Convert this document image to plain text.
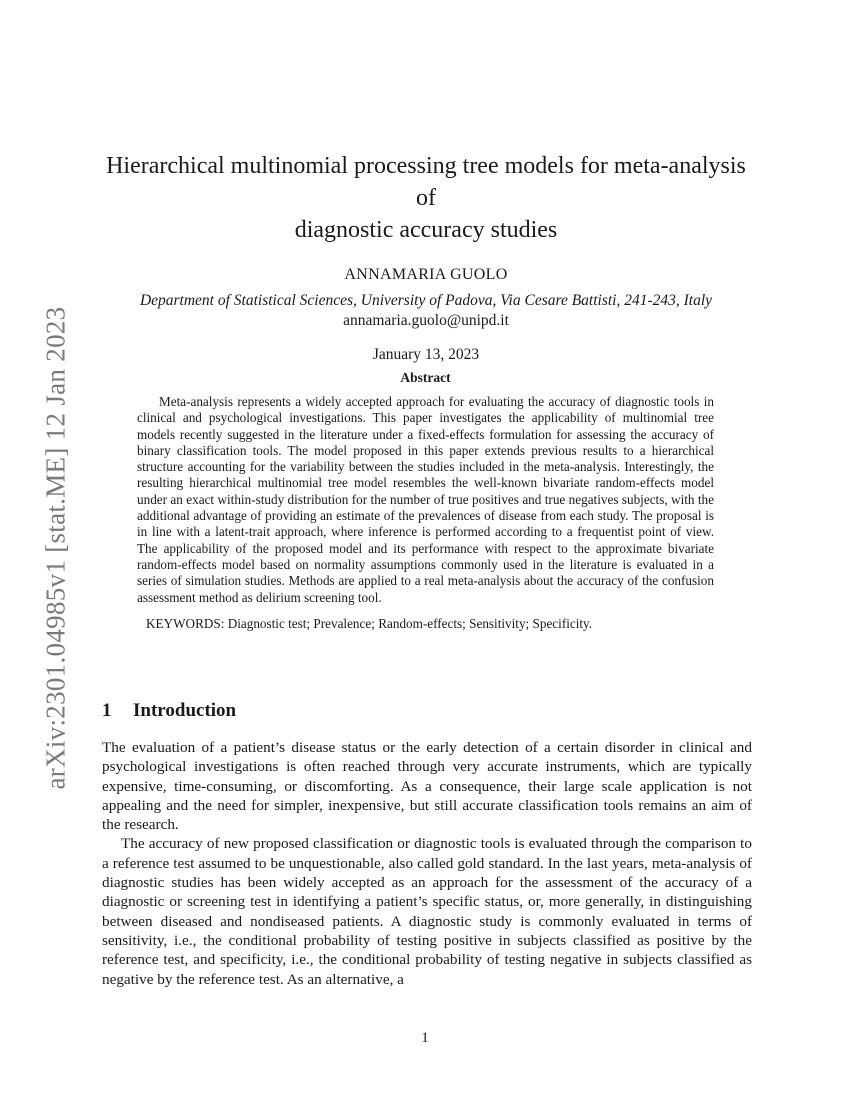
arXiv:2301.04985v1 [stat.ME] 12 Jan 2023
Hierarchical multinomial processing tree models for meta-analysis of
diagnostic accuracy studies
ANNAMARIA GUOLO
Department of Statistical Sciences, University of Padova, Via Cesare Battisti, 241-243, Italy
annamaria.guolo@unipd.it
January 13, 2023
Abstract

Meta-analysis represents a widely accepted approach for evaluating the accuracy of diagnostic tools in clinical and psychological investigations. This paper investigates the applicability of multinomial tree models recently suggested in the literature under a fixed-effects formulation for assessing the accuracy of binary classification tools. The model proposed in this paper extends previous results to a hierarchical structure accounting for the variability between the studies included in the meta-analysis. Interestingly, the resulting hierarchical multinomial tree model resembles the well-known bivariate random-effects model under an exact within-study distribution for the number of true positives and true negatives subjects, with the additional advantage of providing an estimate of the prevalences of disease from each study. The proposal is in line with a latent-trait approach, where inference is performed according to a frequentist point of view. The applicability of the proposed model and its performance with respect to the approximate bivariate random-effects model based on normality assumptions commonly used in the literature is evaluated in a series of simulation studies. Methods are applied to a real meta-analysis about the accuracy of the confusion assessment method as delirium screening tool.

KEYWORDS: Diagnostic test; Prevalence; Random-effects; Sensitivity; Specificity.
1 Introduction

The evaluation of a patient’s disease status or the early detection of a certain disorder in clinical and psychological investigations is often reached through very accurate instruments, which are typically expensive, time-consuming, or discomforting. As a consequence, their large scale application is not appealing and the need for simpler, inexpensive, but still accurate classification tools remains an aim of the research.

The accuracy of new proposed classification or diagnostic tools is evaluated through the comparison to a reference test assumed to be unquestionable, also called gold standard. In the last years, meta-analysis of diagnostic studies has been widely accepted as an approach for the assessment of the accuracy of a diagnostic or screening test in identifying a patient’s specific status, or, more generally, in distinguishing between diseased and nondiseased patients. A diagnostic study is commonly evaluated in terms of sensitivity, i.e., the conditional probability of testing positive in subjects classified as positive by the reference test, and specificity, i.e., the conditional probability of testing negative in subjects classified as negative by the reference test. As an alternative, a

1
